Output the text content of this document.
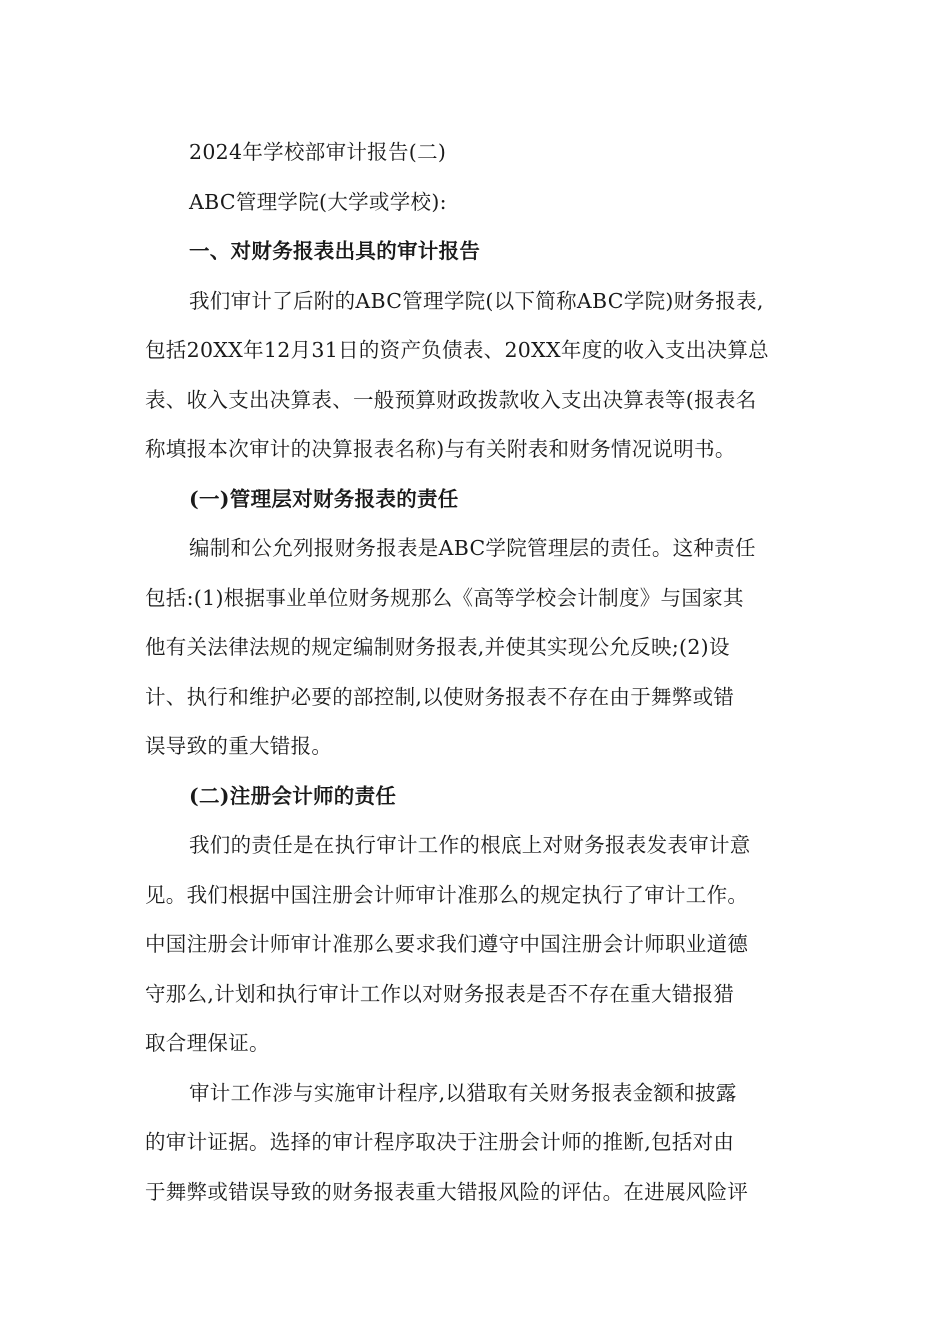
2024年学校部审计报告(二)
ABC管理学院(大学或学校):
一、对财务报表出具的审计报告
我们审计了后附的ABC管理学院(以下简称ABC学院)财务报表,
包括20XX年12月31日的资产负债表、20XX年度的收入支出决算总
表、收入支出决算表、一般预算财政拨款收入支出决算表等(报表名
称填报本次审计的决算报表名称)与有关附表和财务情况说明书。
(一)管理层对财务报表的责任
编制和公允列报财务报表是ABC学院管理层的责任。这种责任
包括:(1)根据事业单位财务规那么《高等学校会计制度》与国家其
他有关法律法规的规定编制财务报表,并使其实现公允反映;(2)设
计、执行和维护必要的部控制,以使财务报表不存在由于舞弊或错
误导致的重大错报。
(二)注册会计师的责任
我们的责任是在执行审计工作的根底上对财务报表发表审计意
见。我们根据中国注册会计师审计准那么的规定执行了审计工作。
中国注册会计师审计准那么要求我们遵守中国注册会计师职业道德
守那么,计划和执行审计工作以对财务报表是否不存在重大错报猎
取合理保证。
审计工作涉与实施审计程序,以猎取有关财务报表金额和披露
的审计证据。选择的审计程序取决于注册会计师的推断,包括对由
于舞弊或错误导致的财务报表重大错报风险的评估。在进展风险评
